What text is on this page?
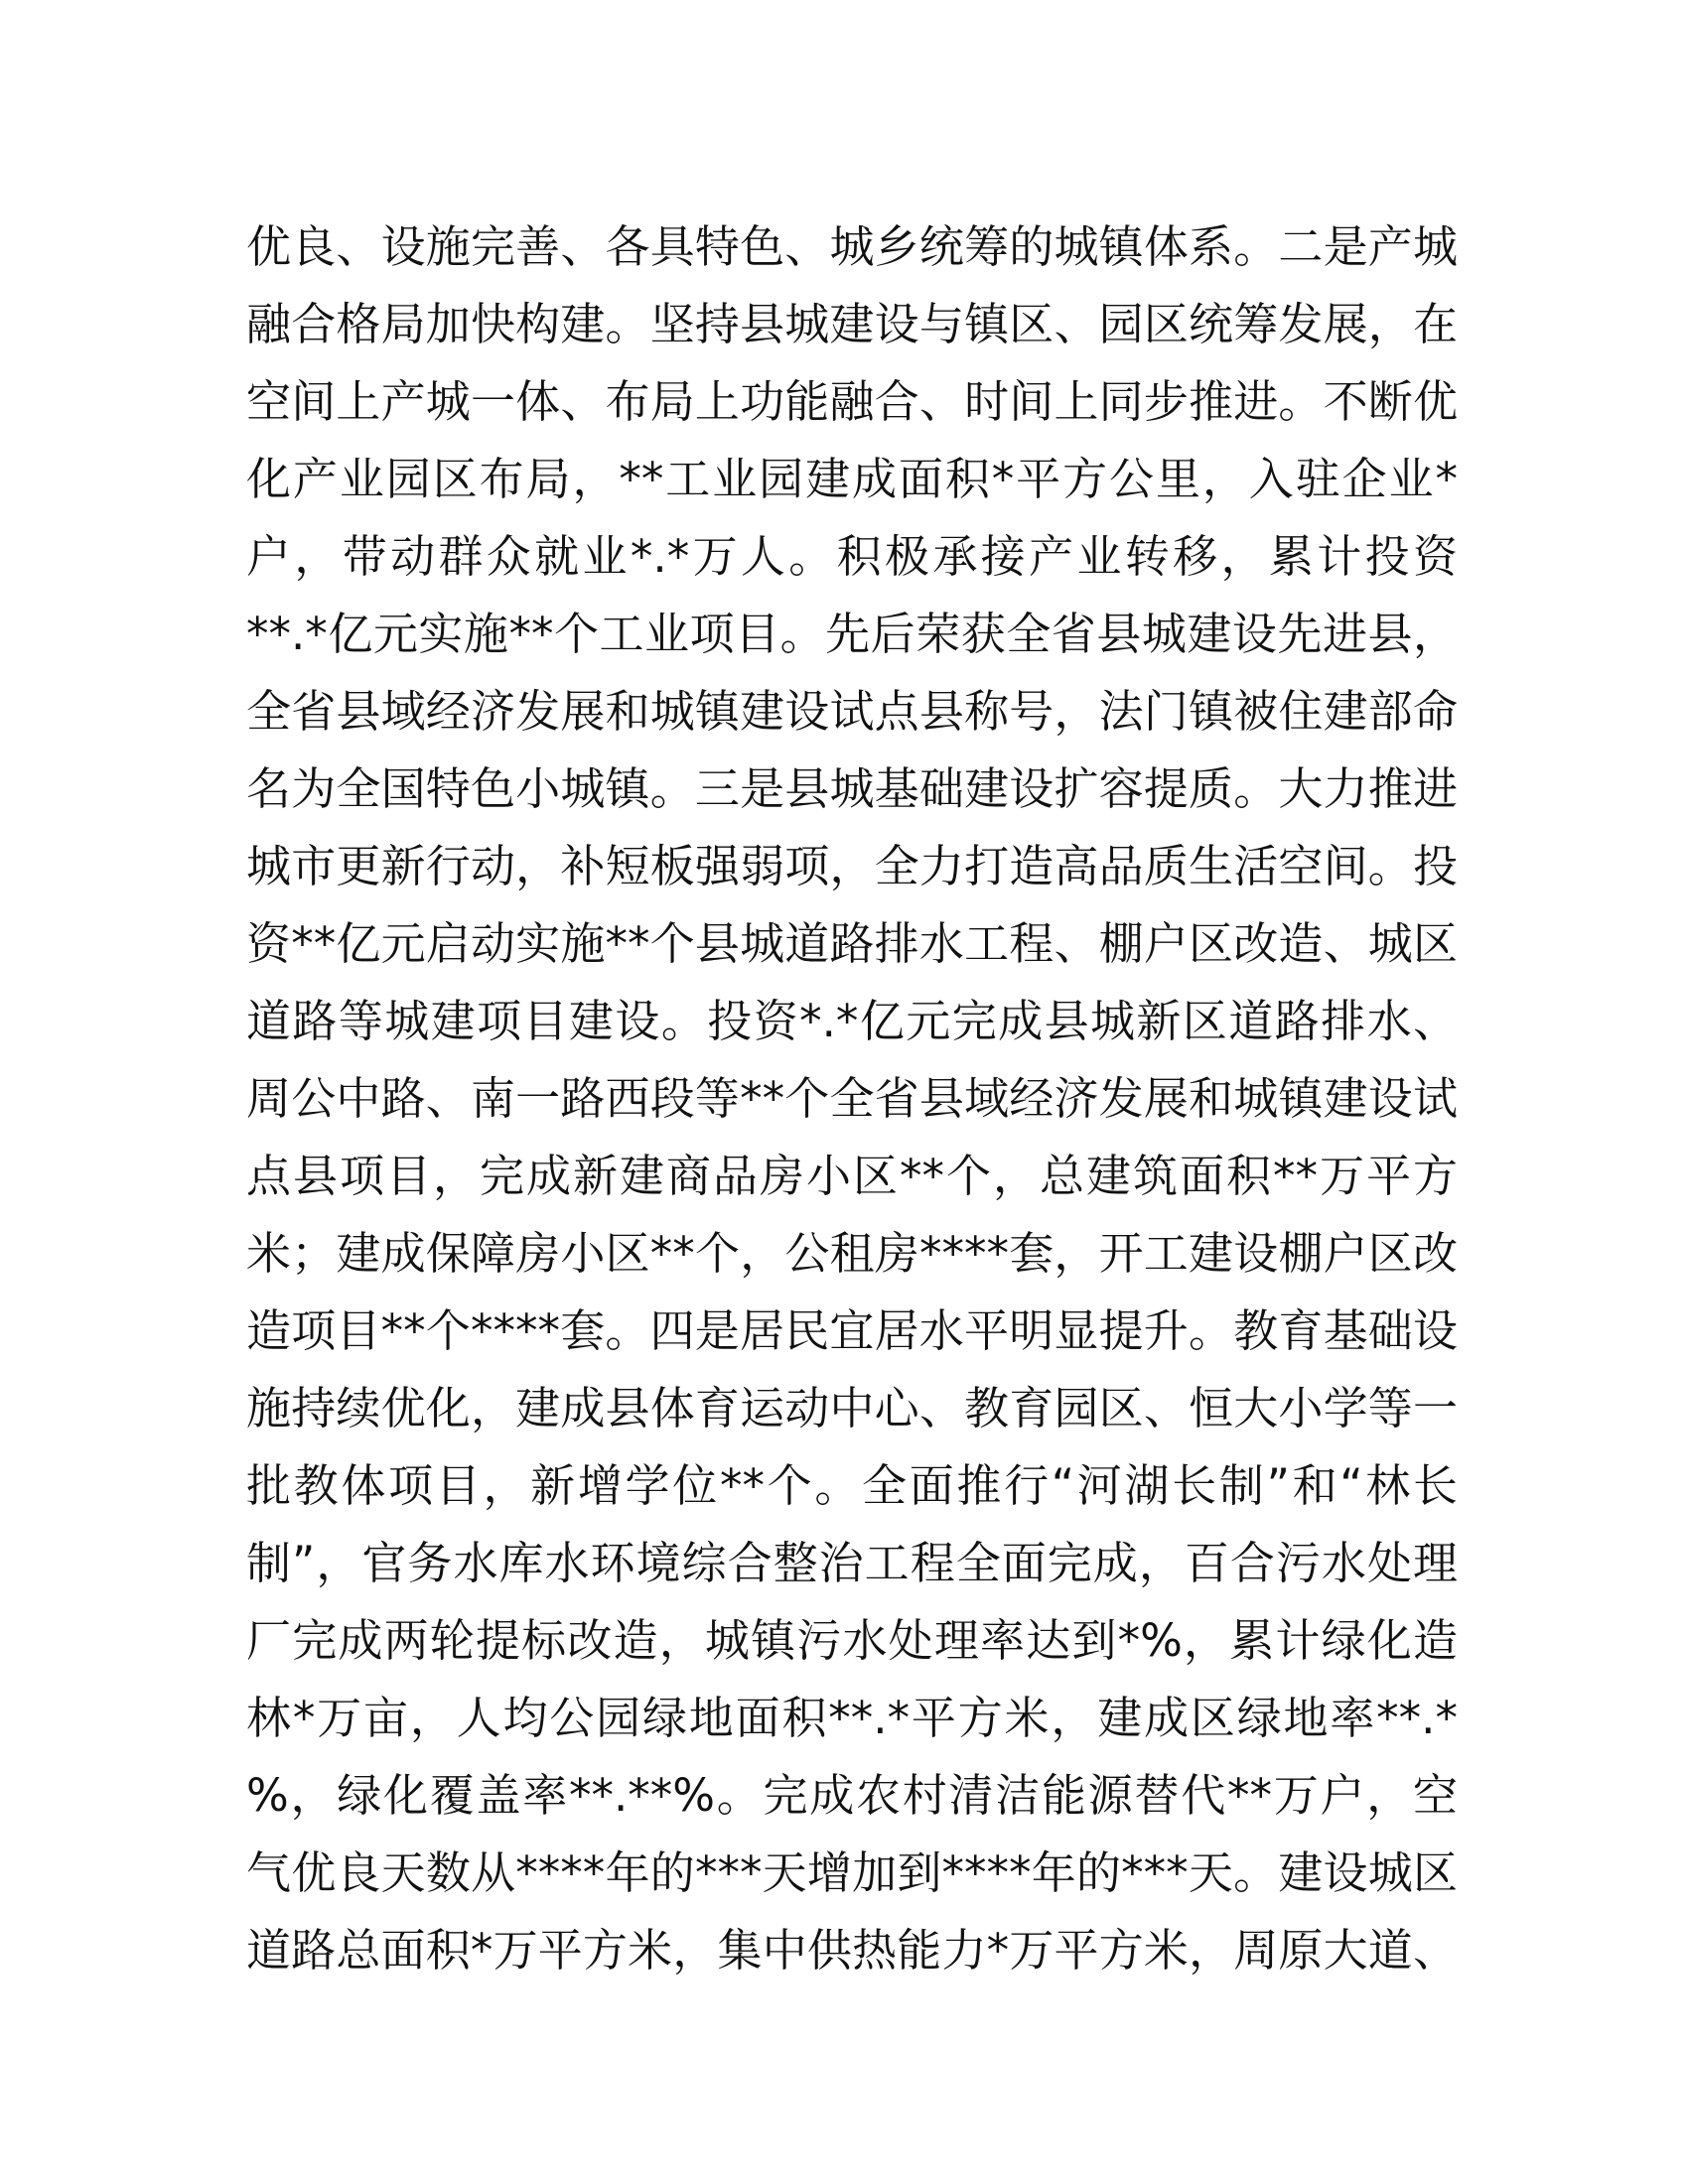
优良、设施完善、各具特色、城乡统筹的城镇体系。二是产城
融合格局加快构建。坚持县城建设与镇区、园区统筹发展，在
空间上产城一体、布局上功能融合、时间上同步推进。不断优
化产业园区布局，**工业园建成面积*平方公里，入驻企业*
户，带动群众就业*.*万人。积极承接产业转移，累计投资
**.*亿元实施**个工业项目。先后荣获全省县城建设先进县，
全省县域经济发展和城镇建设试点县称号，法门镇被住建部命
名为全国特色小城镇。三是县城基础建设扩容提质。大力推进
城市更新行动，补短板强弱项，全力打造高品质生活空间。投
资**亿元启动实施**个县城道路排水工程、棚户区改造、城区
道路等城建项目建设。投资*.*亿元完成县城新区道路排水、
周公中路、南一路西段等**个全省县域经济发展和城镇建设试
点县项目，完成新建商品房小区**个，总建筑面积**万平方
米；建成保障房小区**个，公租房****套，开工建设棚户区改
造项目**个****套。四是居民宜居水平明显提升。教育基础设
施持续优化，建成县体育运动中心、教育园区、恒大小学等一
批教体项目，新增学位**个。全面推行“河湖长制”和“林长
制”，官务水库水环境综合整治工程全面完成，百合污水处理
厂完成两轮提标改造，城镇污水处理率达到*%，累计绿化造
林*万亩，人均公园绿地面积**.*平方米，建成区绿地率**.*
%，绿化覆盖率**.**%。完成农村清洁能源替代**万户，空
气优良天数从****年的***天增加到****年的***天。建设城区
道路总面积*万平方米，集中供热能力*万平方米，周原大道、
